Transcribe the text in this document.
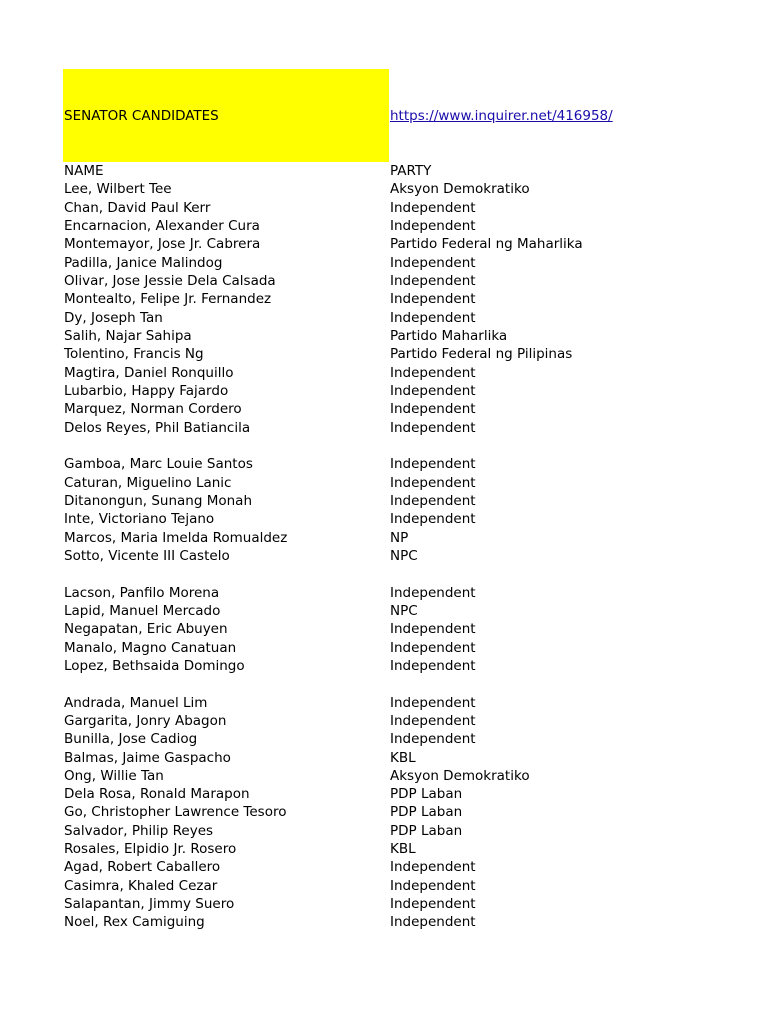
SENATOR CANDIDATES	https://www.inquirer.net/416958/
NAME	PARTY
Lee, Wilbert Tee	Aksyon Demokratiko
Chan, David Paul Kerr	Independent
Encarnacion, Alexander Cura	Independent
Montemayor, Jose Jr. Cabrera	Partido Federal ng Maharlika
Padilla, Janice Malindog	Independent
Olivar, Jose Jessie Dela Calsada	Independent
Montealto, Felipe Jr. Fernandez	Independent
Dy, Joseph Tan	Independent
Salih, Najar Sahipa	Partido Maharlika
Tolentino, Francis Ng	Partido Federal ng Pilipinas
Magtira, Daniel Ronquillo	Independent
Lubarbio, Happy Fajardo	Independent
Marquez, Norman Cordero	Independent
Delos Reyes, Phil Batiancila	Independent
Gamboa, Marc Louie Santos	Independent
Caturan, Miguelino Lanic	Independent
Ditanongun, Sunang Monah	Independent
Inte, Victoriano Tejano	Independent
Marcos, Maria Imelda Romualdez	NP
Sotto, Vicente III Castelo	NPC
Lacson, Panfilo Morena	Independent
Lapid, Manuel Mercado	NPC
Negapatan, Eric Abuyen	Independent
Manalo, Magno Canatuan	Independent
Lopez, Bethsaida Domingo	Independent
Andrada, Manuel Lim	Independent
Gargarita, Jonry Abagon	Independent
Bunilla, Jose Cadiog	Independent
Balmas, Jaime Gaspacho	KBL
Ong, Willie Tan	Aksyon Demokratiko
Dela Rosa, Ronald Marapon	PDP Laban
Go, Christopher Lawrence Tesoro	PDP Laban
Salvador, Philip Reyes	PDP Laban
Rosales, Elpidio Jr. Rosero	KBL
Agad, Robert Caballero	Independent
Casimra, Khaled Cezar	Independent
Salapantan, Jimmy Suero	Independent
Noel, Rex Camiguing	Independent
